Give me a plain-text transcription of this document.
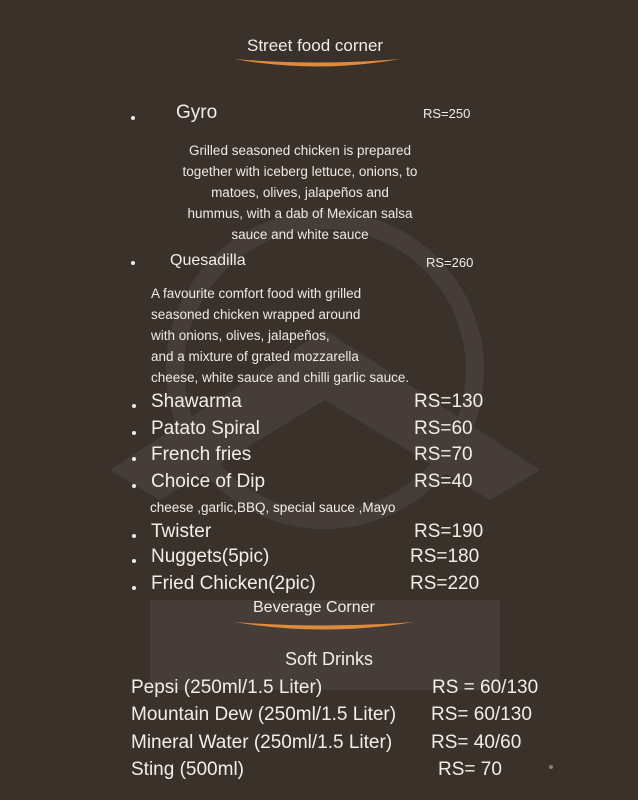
Street food corner
Gyro	RS=250
Grilled seasoned chicken is prepared
together with iceberg lettuce, onions, to
matoes, olives, jalapeños and
hummus, with a dab of Mexican salsa
sauce and white sauce
Quesadilla	RS=260
A favourite comfort food with grilled
seasoned chicken wrapped around
with onions, olives, jalapeños,
and a mixture of grated mozzarella
cheese, white sauce and chilli garlic sauce.
Shawarma	RS=130
Patato Spiral	RS=60
French fries	RS=70
Choice of Dip	RS=40
cheese ,garlic,BBQ, special sauce ,Mayo
Twister	RS=190
Nuggets(5pic)	RS=180
Fried Chicken(2pic)	RS=220
Beverage Corner
Soft Drinks
Pepsi (250ml/1.5 Liter)	RS = 60/130
Mountain Dew (250ml/1.5 Liter) RS= 60/130
Mineral Water (250ml/1.5 Liter) RS= 40/60
Sting (500ml)	RS= 70
